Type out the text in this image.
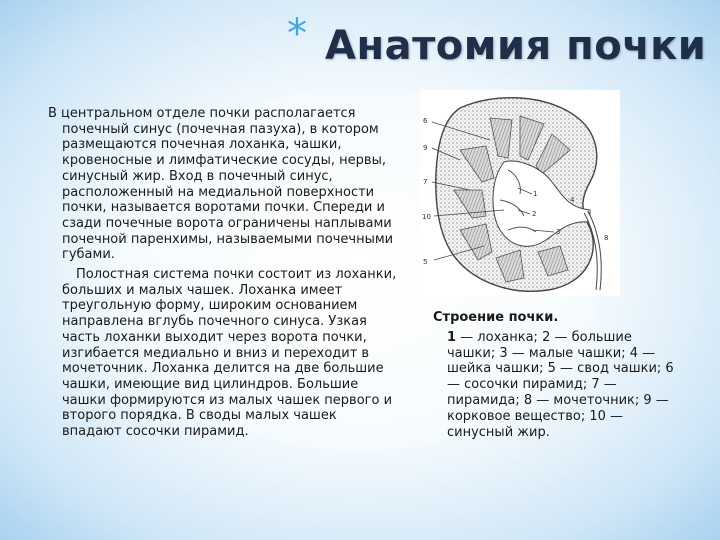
* Анатомия почки

В центральном отделе почки располагается почечный синус (почечная пазуха), в котором размещаются почечная лоханка, чашки, кровеносные и лимфатические сосуды, нервы, синусный жир. Вход в почечный синус, расположенный на медиальной поверхности почки, называется воротами почки. Спереди и сзади почечные ворота ограничены наплывами почечной паренхимы, называемыми почечными губами.

Полостная система почки состоит из лоханки, больших и малых чашек. Лоханка имеет треугольную форму, широким основанием направлена вглубь почечного синуса. Узкая часть лоханки выходит через ворота почки, изгибается медиально и вниз и переходит в мочеточник. Лоханка делится на две большие чашки, имеющие вид цилиндров. Большие чашки формируются из малых чашек первого и второго порядка. В своды малых чашек впадают сосочки пирамид.

6
9
7
10
5
1
2
3
4
8

Строение почки.

1 — лоханка; 2 — большие чашки; 3 — малые чашки; 4 — шейка чашки; 5 — свод чашки; 6 — сосочки пирамид; 7 — пирамида; 8 — мочеточник; 9 — корковое вещество; 10 — синусный жир.
